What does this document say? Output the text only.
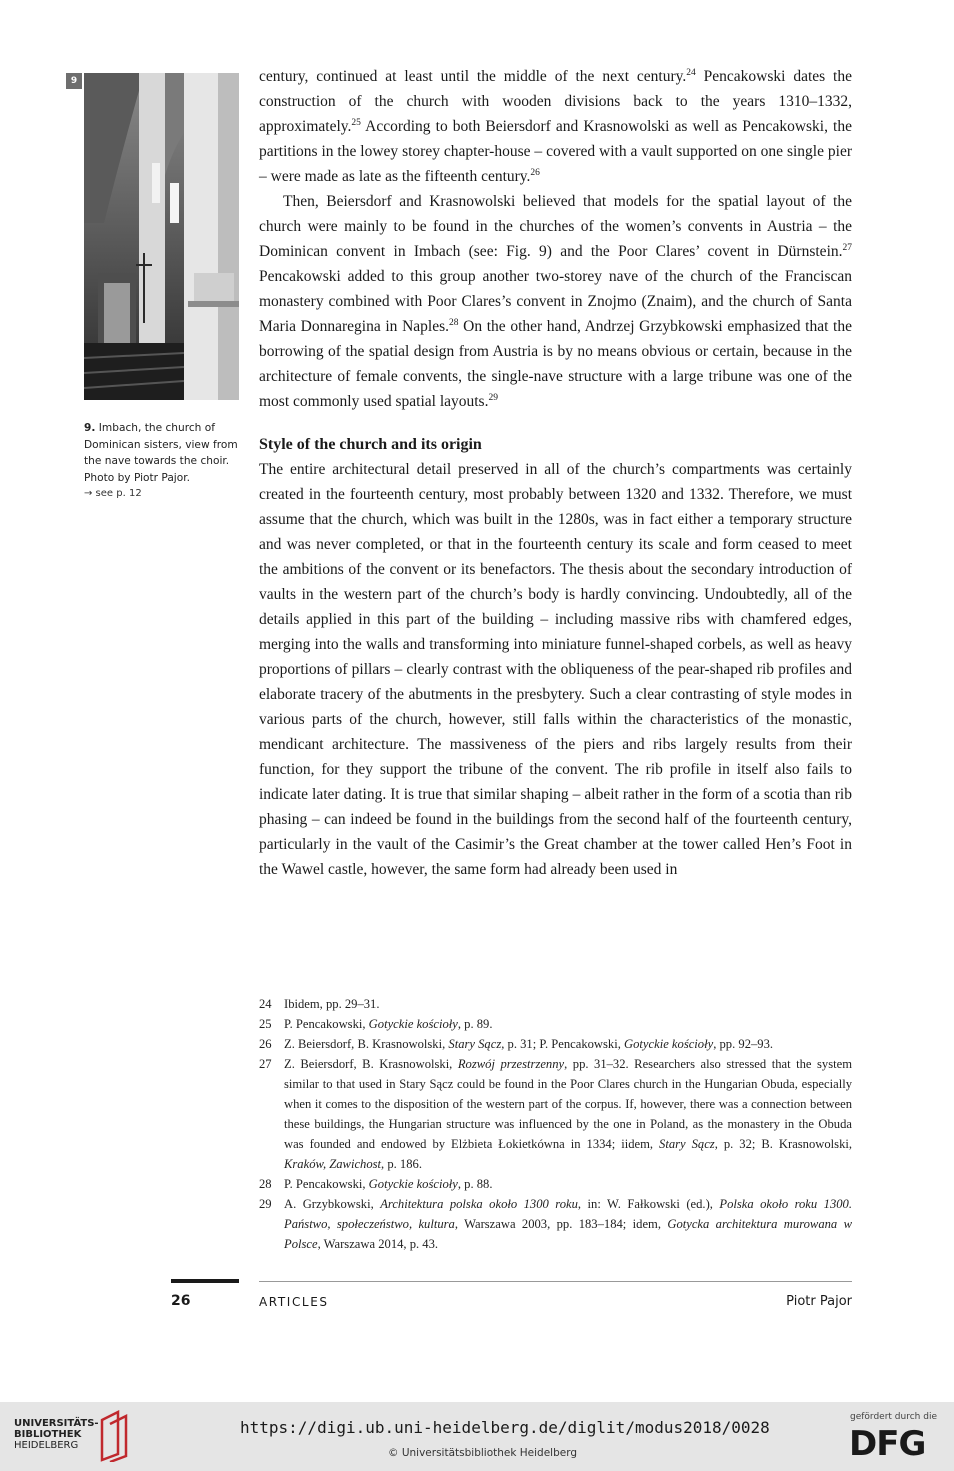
9
9. Imbach, the church of Dominican sisters, view from the nave towards the choir. Photo by Piotr Pajor.
→ see p. 12

century, continued at least until the middle of the next century.$^{24}$ Pencakowski dates the construction of the church with wooden divisions back to the years 1310–1332, approximately.$^{25}$ According to both Beiersdorf and Krasnowolski as well as Pencakowski, the partitions in the lowey storey chapter-house – covered with a vault supported on one single pier – were made as late as the fifteenth century.$^{26}$

Then, Beiersdorf and Krasnowolski believed that models for the spatial layout of the church were mainly to be found in the churches of the women’s convents in Austria – the Dominican convent in Imbach (see: Fig. 9) and the Poor Clares’ covent in Dürnstein.$^{27}$ Pencakowski added to this group another two-storey nave of the church of the Franciscan monastery combined with Poor Clares’s convent in Znojmo (Znaim), and the church of Santa Maria Donnaregina in Naples.$^{28}$ On the other hand, Andrzej Grzybkowski emphasized that the borrowing of the spatial design from Austria is by no means obvious or certain, because in the architecture of female convents, the single-nave structure with a large tribune was one of the most commonly used spatial layouts.$^{29}$

Style of the church and its origin

The entire architectural detail preserved in all of the church’s compartments was certainly created in the fourteenth century, most probably between 1320 and 1332. Therefore, we must assume that the church, which was built in the 1280s, was in fact either a temporary structure and was never completed, or that in the fourteenth century its scale and form ceased to meet the ambitions of the convent or its benefactors. The thesis about the secondary introduction of vaults in the western part of the church’s body is hardly convincing. Undoubtedly, all of the details applied in this part of the building – including massive ribs with chamfered edges, merging into the walls and transforming into miniature funnel-shaped corbels, as well as heavy proportions of pillars – clearly contrast with the obliqueness of the pear-shaped rib profiles and elaborate tracery of the abutments in the presbytery. Such a clear contrasting of style modes in various parts of the church, however, still falls within the characteristics of the monastic, mendicant architecture. The massiveness of the piers and ribs largely results from their function, for they support the tribune of the convent. The rib profile in itself also fails to indicate later dating. It is true that similar shaping – albeit rather in the form of a scotia than rib phasing – can indeed be found in the buildings from the second half of the fourteenth century, particularly in the vault of the Casimir’s the Great chamber at the tower called Hen’s Foot in the Wawel castle, however, the same form had already been used in

24 Ibidem, pp. 29–31.
25 P. Pencakowski, Gotyckie kościoły, p. 89.
26 Z. Beiersdorf, B. Krasnowolski, Stary Sącz, p. 31; P. Pencakowski, Gotyckie kościoły, pp. 92–93.
27 Z. Beiersdorf, B. Krasnowolski, Rozwój przestrzenny, pp. 31–32. Researchers also stressed that the system similar to that used in Stary Sącz could be found in the Poor Clares church in the Hungarian Obuda, especially when it comes to the disposition of the western part of the corpus. If, however, there was a connection between these buildings, the Hungarian structure was influenced by the one in Poland, as the monastery in the Obuda was founded and endowed by Elżbieta Łokietkówna in 1334; iidem, Stary Sącz, p. 32; B. Krasnowolski, Kraków, Zawichost, p. 186.
28 P. Pencakowski, Gotyckie kościoły, p. 88.
29 A. Grzybkowski, Architektura polska około 1300 roku, in: W. Fałkowski (ed.), Polska około roku 1300. Państwo, społeczeństwo, kultura, Warszawa 2003, pp. 183–184; idem, Gotycka architektura murowana w Polsce, Warszawa 2014, p. 43.
26	ARTICLES	Piotr Pajor
UNIVERSITÄTS-
BIBLIOTHEK
HEIDELBERG
https://digi.ub.uni-heidelberg.de/diglit/modus2018/0028
© Universitätsbibliothek Heidelberg
gefördert durch die
DFG
